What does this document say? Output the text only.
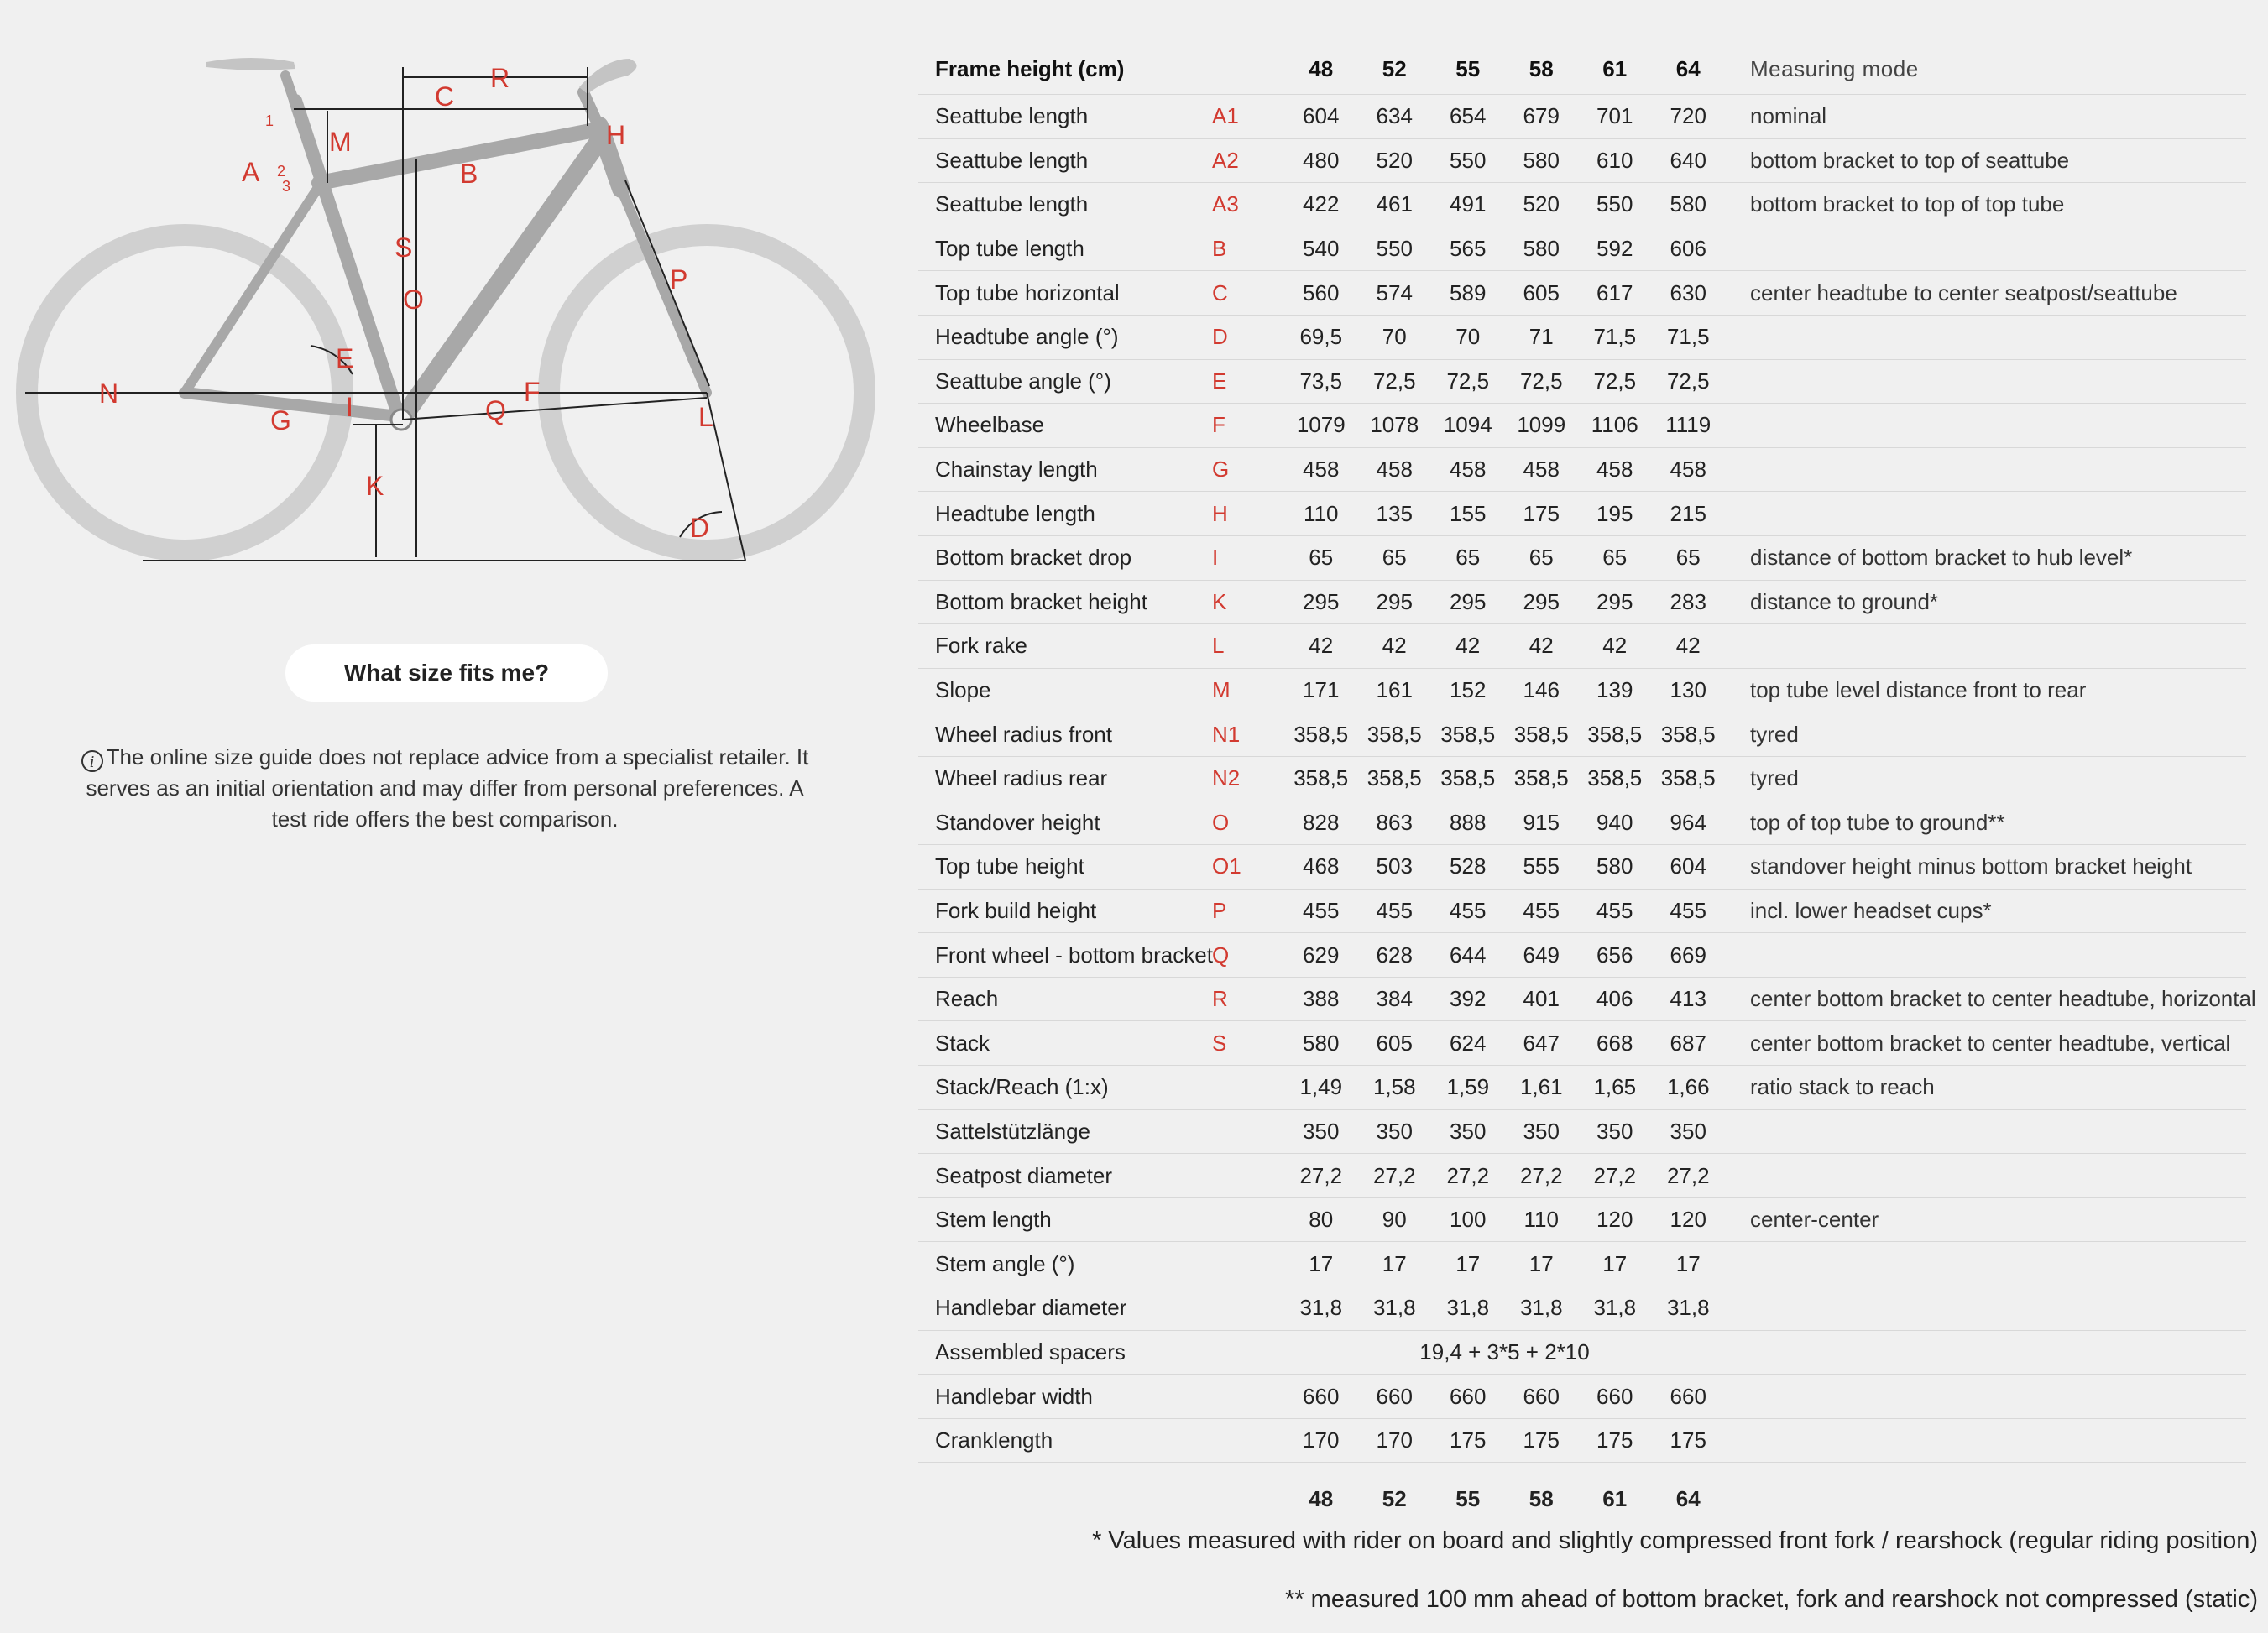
A
1
2
3	B
C
D
E
F
G
H
I
K
L
M
N
O
P
Q
R
S
What size fits me?
i The online size guide does not replace advice from a specialist retailer. It serves as an initial orientation and may differ from personal preferences. A test ride offers the best comparison.
Frame height (cm)		48	52	55	58	61	64	Measuring mode
Seattube length	A1	604	634	654	679	701	720	nominal
Seattube length	A2	480	520	550	580	610	640	bottom bracket to top of seattube
Seattube length	A3	422	461	491	520	550	580	bottom bracket to top of top tube
Top tube length	B	540	550	565	580	592	606	
Top tube horizontal	C	560	574	589	605	617	630	center headtube to center seatpost/seattube
Headtube angle (°)	D	69,5	70	70	71	71,5	71,5	
Seattube angle (°)	E	73,5	72,5	72,5	72,5	72,5	72,5	
Wheelbase	F	1079	1078	1094	1099	1106	1119	
Chainstay length	G	458	458	458	458	458	458	
Headtube length	H	110	135	155	175	195	215	
Bottom bracket drop	I	65	65	65	65	65	65	distance of bottom bracket to hub level*
Bottom bracket height	K	295	295	295	295	295	283	distance to ground*
Fork rake	L	42	42	42	42	42	42	
Slope	M	171	161	152	146	139	130	top tube level distance front to rear
Wheel radius front	N1	358,5	358,5	358,5	358,5	358,5	358,5	tyred
Wheel radius rear	N2	358,5	358,5	358,5	358,5	358,5	358,5	tyred
Standover height	O	828	863	888	915	940	964	top of top tube to ground**
Top tube height	O1	468	503	528	555	580	604	standover height minus bottom bracket height
Fork build height	P	455	455	455	455	455	455	incl. lower headset cups*
Front wheel - bottom bracket	Q	629	628	644	649	656	669	
Reach	R	388	384	392	401	406	413	center bottom bracket to center headtube, horizontal
Stack	S	580	605	624	647	668	687	center bottom bracket to center headtube, vertical
Stack/Reach (1:x)		1,49	1,58	1,59	1,61	1,65	1,66	ratio stack to reach
Sattelstützlänge		350	350	350	350	350	350	
Seatpost diameter		27,2	27,2	27,2	27,2	27,2	27,2	
Stem length		80	90	100	110	120	120	center-center
Stem angle (°)		17	17	17	17	17	17	
Handlebar diameter		31,8	31,8	31,8	31,8	31,8	31,8	
Assembled spacers		19,4 + 3*5 + 2*10						
Handlebar width		660	660	660	660	660	660	
Cranklength		170	170	175	175	175	175	
		48	52	55	58	61	64	
* Values measured with rider on board and slightly compressed front fork / rearshock (regular riding position)
** measured 100 mm ahead of bottom bracket, fork and rearshock not compressed (static)
